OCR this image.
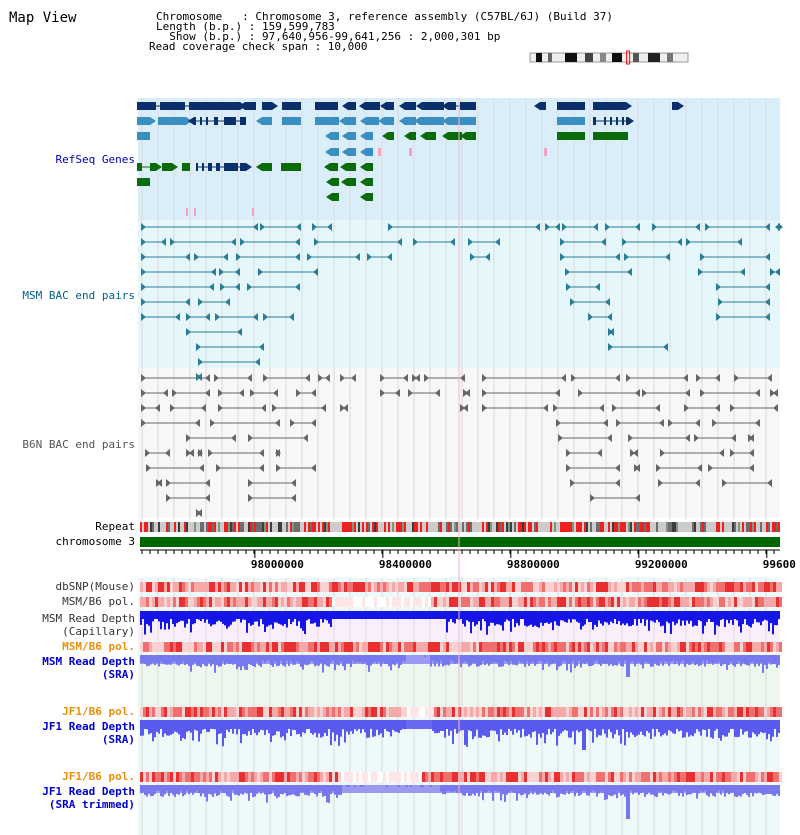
Map View	Chromosome   : Chromosome 3, reference assembly (C57BL/6J) (Build 37)
Length (b.p.) : 159,599,783
Show (b.p.) : 97,640,956-99,641,256 : 2,000,301 bp
Read coverage check span : 10,000
98000000	98400000	98800000	99200000	99600
RefSeq Genes
MSM BAC end pairs
B6N BAC end pairs
Repeat
chromosome 3
dbSNP(Mouse)
MSM/B6 pol.
MSM Read Depth
(Capillary)
MSM/B6 pol.
MSM Read Depth
(SRA)
JF1/B6 pol.
JF1 Read Depth
(SRA)
JF1/B6 pol.
JF1 Read Depth
(SRA trimmed)
